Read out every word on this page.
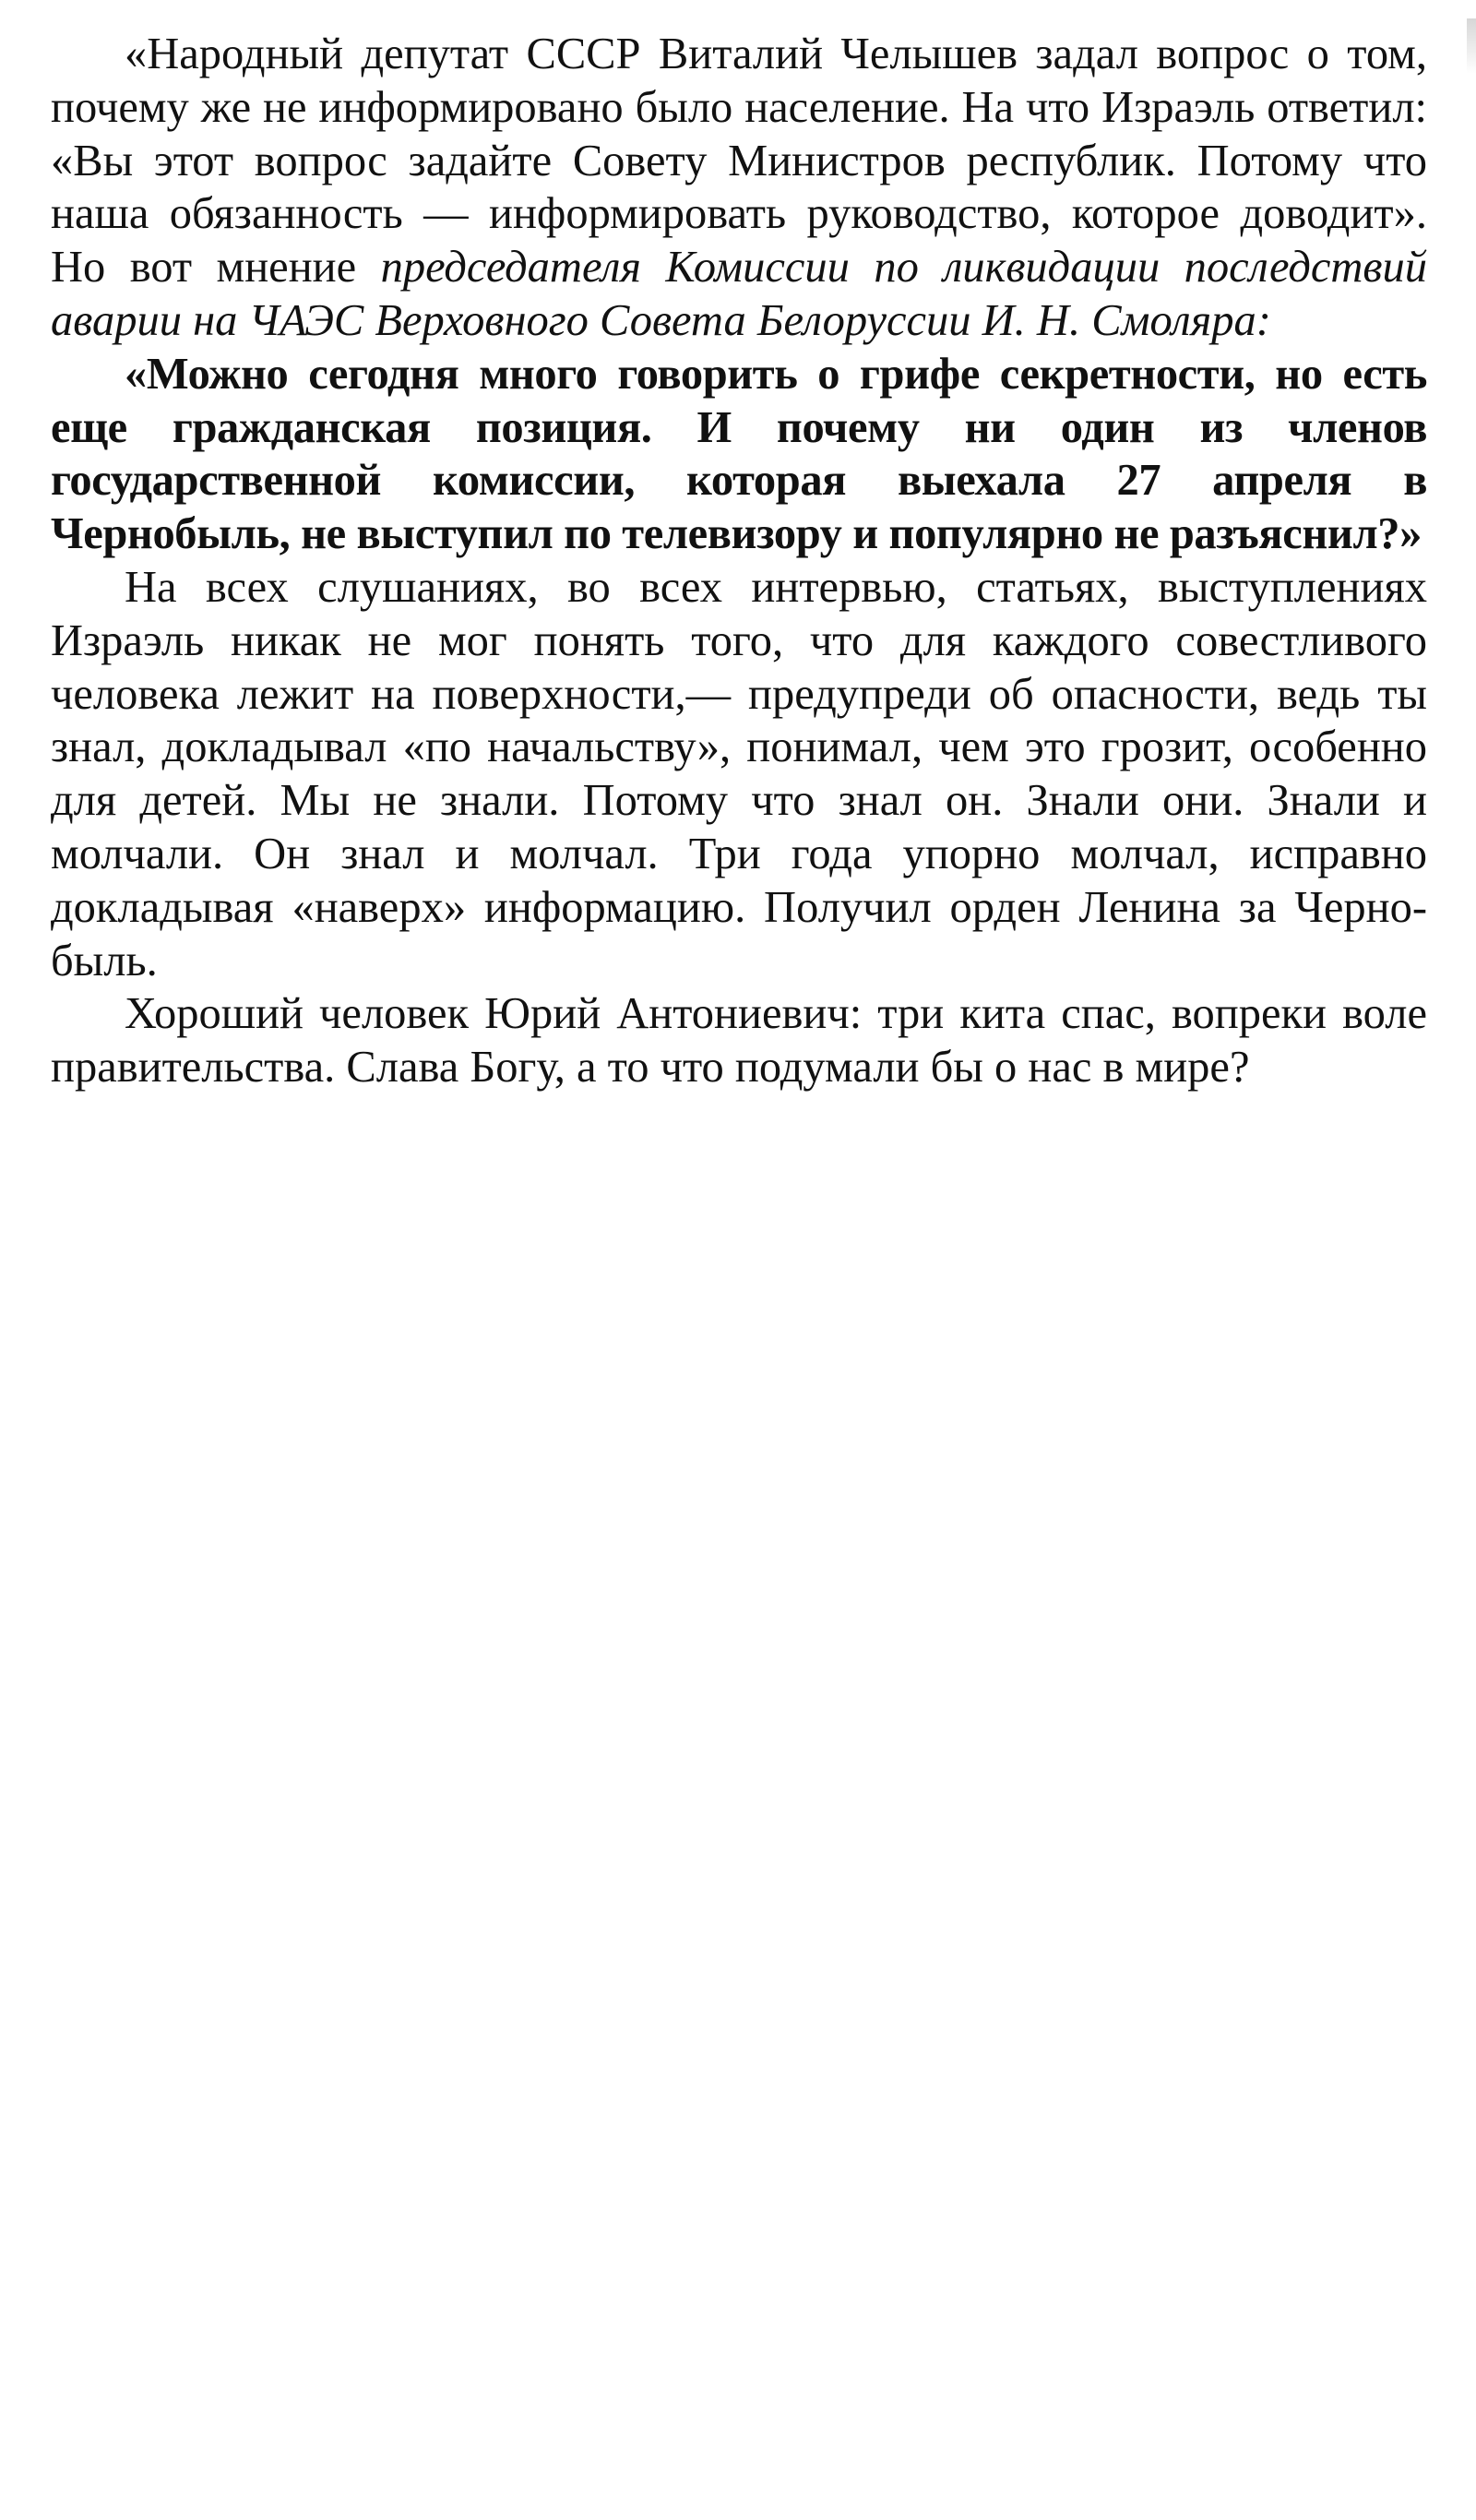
«Народный депутат СССР Виталий Челышев задал вопрос о том, почему же не информировано было население. На что Израэль ответил: «Вы этот вопрос задайте Совету Министров республик. Потому что наша обязанность — информировать руководство, которое доводит». Но вот мнение председателя Комиссии по ликвидации последствий аварии на ЧАЭС Верховного Совета Белоруссии И. Н. Смоляра:

«Можно сегодня много говорить о грифе секретности, но есть еще гражданская позиция. И почему ни один из членов государственной комиссии, которая выехала 27 апреля в Чернобыль, не выступил по телевизору и популярно не разъяснил?»

На всех слушаниях, во всех интервью, статьях, выступлениях Израэль никак не мог понять того, что для каждого совестливого человека лежит на поверхности,— предупреди об опасности, ведь ты знал, докладывал «по начальству», понимал, чем это грозит, особенно для детей. Мы не знали. Потому что знал он. Знали они. Знали и молчали. Он знал и молчал. Три года упорно молчал, исправно докладывая «наверх» информацию. Получил орден Ленина за Чернобыль.

Хороший человек Юрий Антониевич: три кита спас, вопреки воле правительства. Слава Богу, а то что подумали бы о нас в мире?
